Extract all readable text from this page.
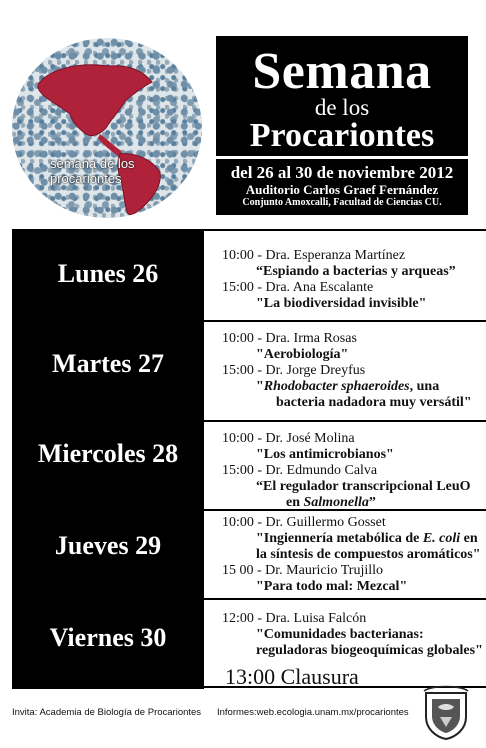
semana de los
procariontes
Semana
de los
Procariontes
del 26 al 30 de noviembre 2012
Auditorio Carlos Graef Fernández
Conjunto Amoxcalli, Facultad de Ciencias CU.
Lunes 26
Martes 27
Miercoles 28
Jueves 29
Viernes 30
10:00 - Dra. Esperanza Martínez
“Espiando a bacterias y arqueas”
15:00 - Dra. Ana Escalante
"La biodiversidad invisible"
10:00 - Dra. Irma Rosas
"Aerobiología"
15:00 - Dr. Jorge Dreyfus
"Rhodobacter sphaeroides, una
bacteria nadadora muy versátil"
10:00 - Dr. José Molina
"Los antimicrobianos"
15:00 - Dr. Edmundo Calva
“El regulador transcripcional LeuO
en Salmonella”
10:00 - Dr. Guillermo Gosset
"Ingiennería metabólica de E. coli en
la síntesis de compuestos aromáticos"
15 00 - Dr. Mauricio Trujillo
"Para todo mal: Mezcal"
12:00 - Dra. Luisa Falcón
"Comunidades bacterianas:
reguladoras biogeoquímicas globales"
13:00 Clausura
Invita: Academia de Biología de Procariontes Informes:web.ecologia.unam.mx/procariontes
